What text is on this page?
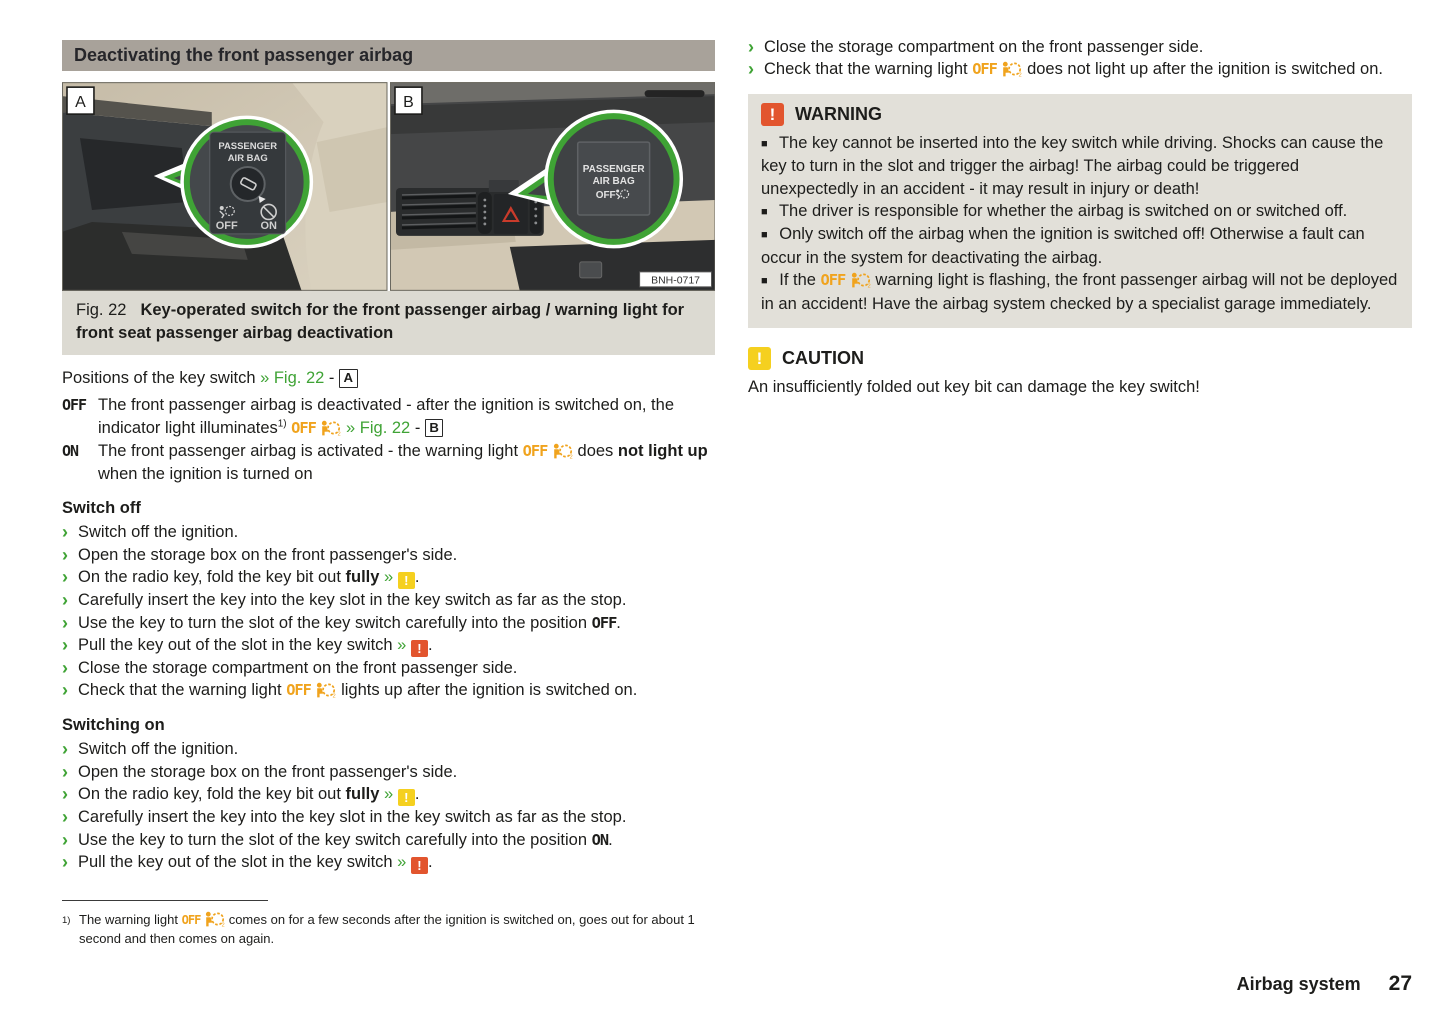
Deactivating the front passenger airbag
PASSENGER
AIR BAG
OFF ON
A
PASSENGER
AIR BAG
OFF
B
BNH-0717
Fig. 22 Key-operated switch for the front passenger airbag / warning light for front seat passenger airbag deactivation
Positions of the key switch » Fig. 22 - A
OFF The front passenger airbag is deactivated - after the ignition is switched on, the indicator light illuminates$^{1)}$ OFF	2 » Fig. 22 - B
ON	The front passenger airbag is activated - the warning light OFF	2 does not light up when the ignition is turned on
Switch off
› Switch off the ignition.
› Open the storage box on the front passenger's side.
› On the radio key, fold the key bit out fully » ! .
› Carefully insert the key into the key slot in the key switch as far as the stop.
› Use the key to turn the slot of the key switch carefully into the position OFF.
› Pull the key out of the slot in the key switch » ! .
› Close the storage compartment on the front passenger side.
› Check that the warning light OFF	2 lights up after the ignition is switched on.
Switching on
› Switch off the ignition.
› Open the storage box on the front passenger's side.
› On the radio key, fold the key bit out fully » ! .
› Carefully insert the key into the key slot in the key switch as far as the stop.
› Use the key to turn the slot of the key switch carefully into the position ON.
› Pull the key out of the slot in the key switch » ! .
1) The warning light OFF	2 comes on for a few seconds after the ignition is switched on, goes out for about 1 second and then comes on again.
› Close the storage compartment on the front passenger side.
› Check that the warning light OFF	2 does not light up after the ignition is switched on.
!	WARNING
■ The key cannot be inserted into the key switch while driving. Shocks can cause the key to turn in the slot and trigger the airbag! The airbag could be triggered unexpectedly in an accident - it may result in injury or death!
■ The driver is responsible for whether the airbag is switched on or switched off.
■ Only switch off the airbag when the ignition is switched off! Otherwise a fault can occur in the system for deactivating the airbag.
■ If the OFF	2 warning light is flashing, the front passenger airbag will not be deployed in an accident! Have the airbag system checked by a specialist garage immediately.
!	CAUTION
An insufficiently folded out key bit can damage the key switch!
Airbag system 27
